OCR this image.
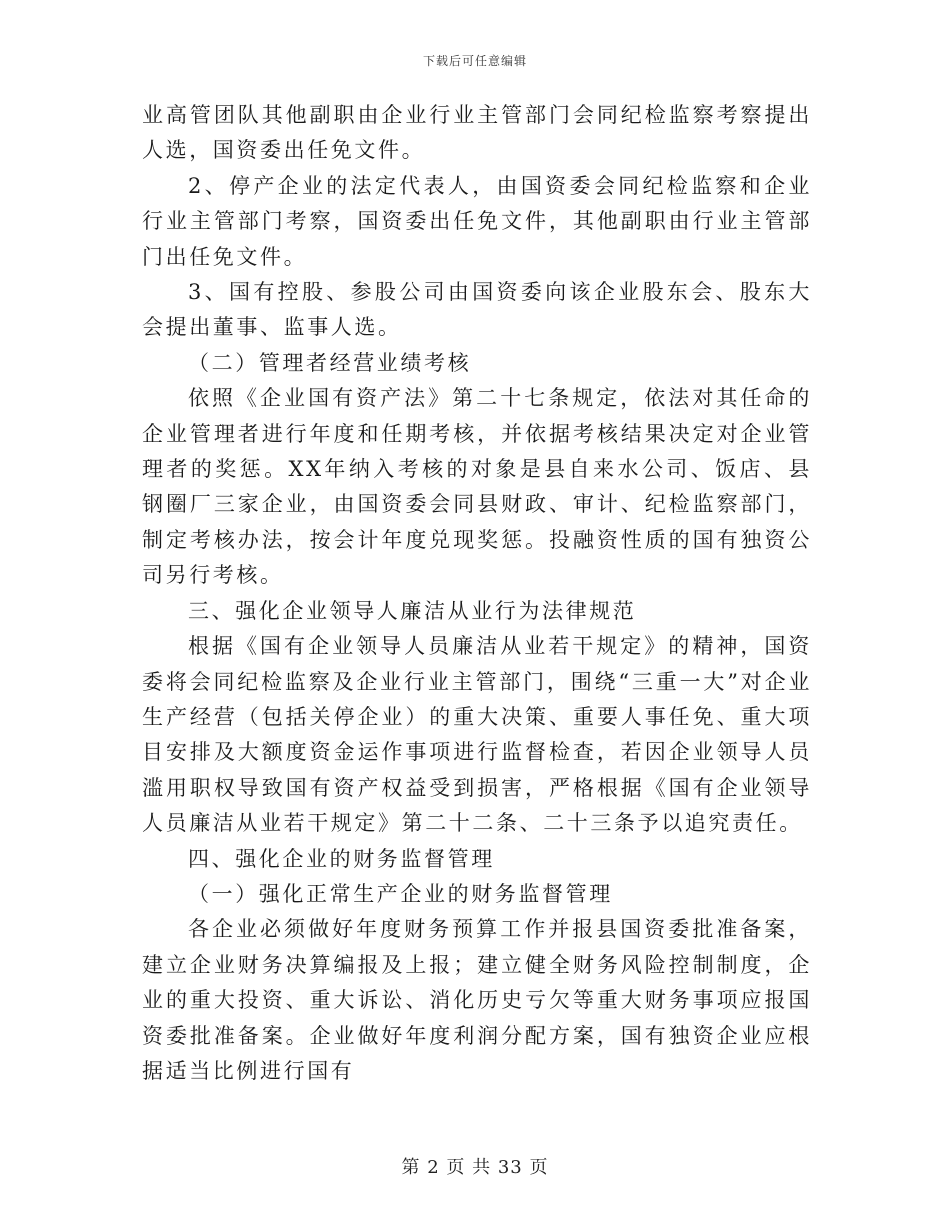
下载后可任意编辑

业高管团队其他副职由企业行业主管部门会同纪检监察考察提出人选，国资委出任免文件。

2、停产企业的法定代表人，由国资委会同纪检监察和企业行业主管部门考察，国资委出任免文件，其他副职由行业主管部门出任免文件。

3、国有控股、参股公司由国资委向该企业股东会、股东大会提出董事、监事人选。

（二）管理者经营业绩考核

依照《企业国有资产法》第二十七条规定，依法对其任命的企业管理者进行年度和任期考核，并依据考核结果决定对企业管理者的奖惩。XX年纳入考核的对象是县自来水公司、饭店、县钢圈厂三家企业，由国资委会同县财政、审计、纪检监察部门，制定考核办法，按会计年度兑现奖惩。投融资性质的国有独资公司另行考核。

三、强化企业领导人廉洁从业行为法律规范

根据《国有企业领导人员廉洁从业若干规定》的精神，国资委将会同纪检监察及企业行业主管部门，围绕“三重一大”对企业生产经营（包括关停企业）的重大决策、重要人事任免、重大项目安排及大额度资金运作事项进行监督检查，若因企业领导人员滥用职权导致国有资产权益受到损害，严格根据《国有企业领导人员廉洁从业若干规定》第二十二条、二十三条予以追究责任。

四、强化企业的财务监督管理

（一）强化正常生产企业的财务监督管理

各企业必须做好年度财务预算工作并报县国资委批准备案，建立企业财务决算编报及上报；建立健全财务风险控制制度，企业的重大投资、重大诉讼、消化历史亏欠等重大财务事项应报国资委批准备案。企业做好年度利润分配方案，国有独资企业应根据适当比例进行国有

第 2 页 共 33 页
